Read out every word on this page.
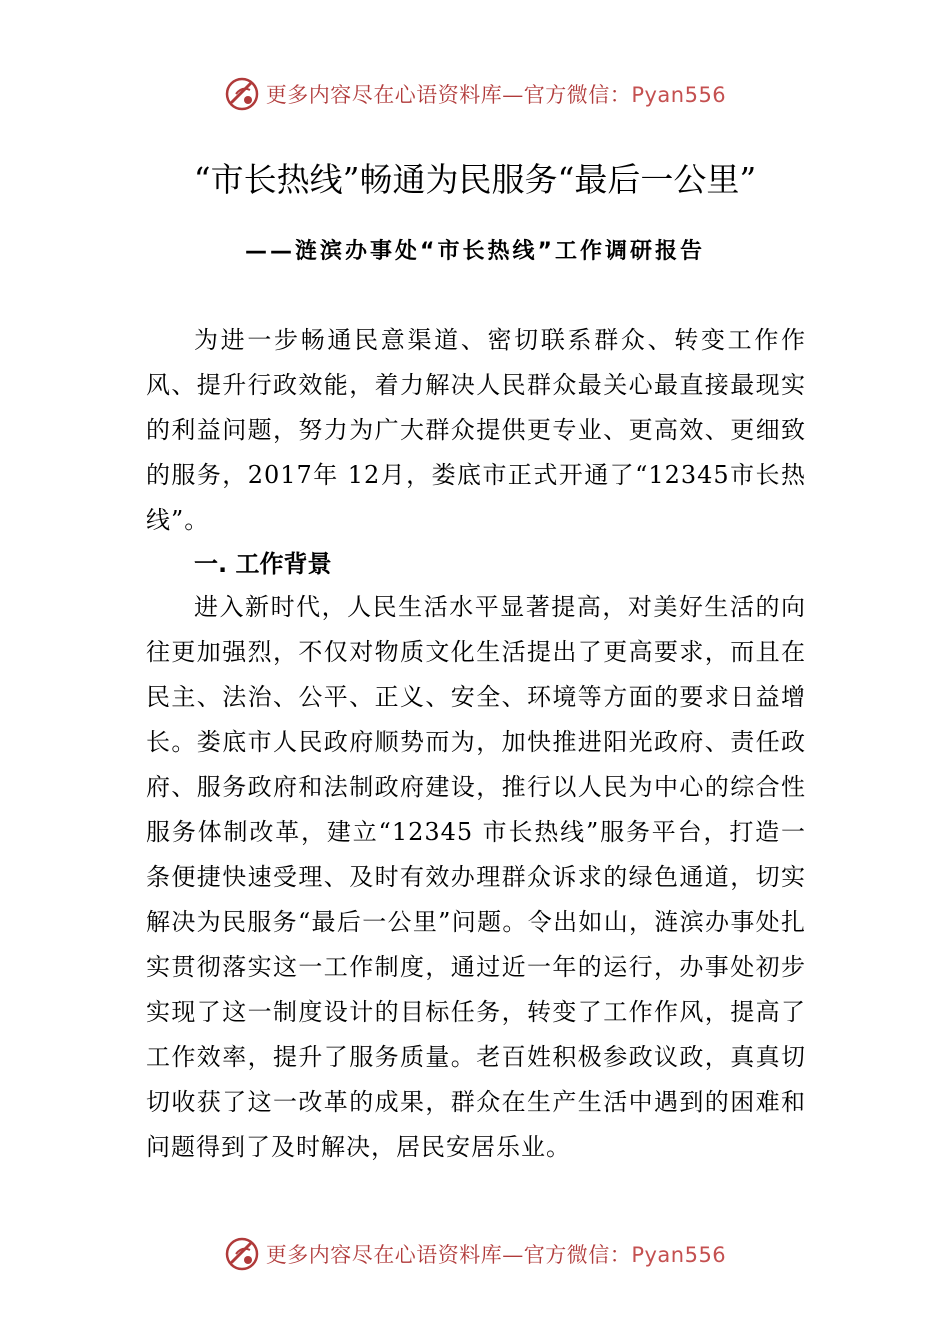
更多内容尽在心语资料库—官方微信：Pyan556
“市长热线”畅通为民服务“最后一公里”
——涟滨办事处“市长热线”工作调研报告

为进一步畅通民意渠道、密切联系群众、转变工作作风、提升行政效能，着力解决人民群众最关心最直接最现实的利益问题，努力为广大群众提供更专业、更高效、更细致的服务，2017年 12月，娄底市正式开通了“12345市长热线”。

一. 工作背景

进入新时代，人民生活水平显著提高，对美好生活的向往更加强烈，不仅对物质文化生活提出了更高要求，而且在民主、法治、公平、正义、安全、环境等方面的要求日益增长。娄底市人民政府顺势而为，加快推进阳光政府、责任政府、服务政府和法制政府建设，推行以人民为中心的综合性服务体制改革，建立“12345 市长热线”服务平台，打造一条便捷快速受理、及时有效办理群众诉求的绿色通道，切实解决为民服务“最后一公里”问题。令出如山，涟滨办事处扎实贯彻落实这一工作制度，通过近一年的运行，办事处初步实现了这一制度设计的目标任务，转变了工作作风，提高了工作效率，提升了服务质量。老百姓积极参政议政，真真切切收获了这一改革的成果，群众在生产生活中遇到的困难和问题得到了及时解决，居民安居乐业。

更多内容尽在心语资料库—官方微信：Pyan556
